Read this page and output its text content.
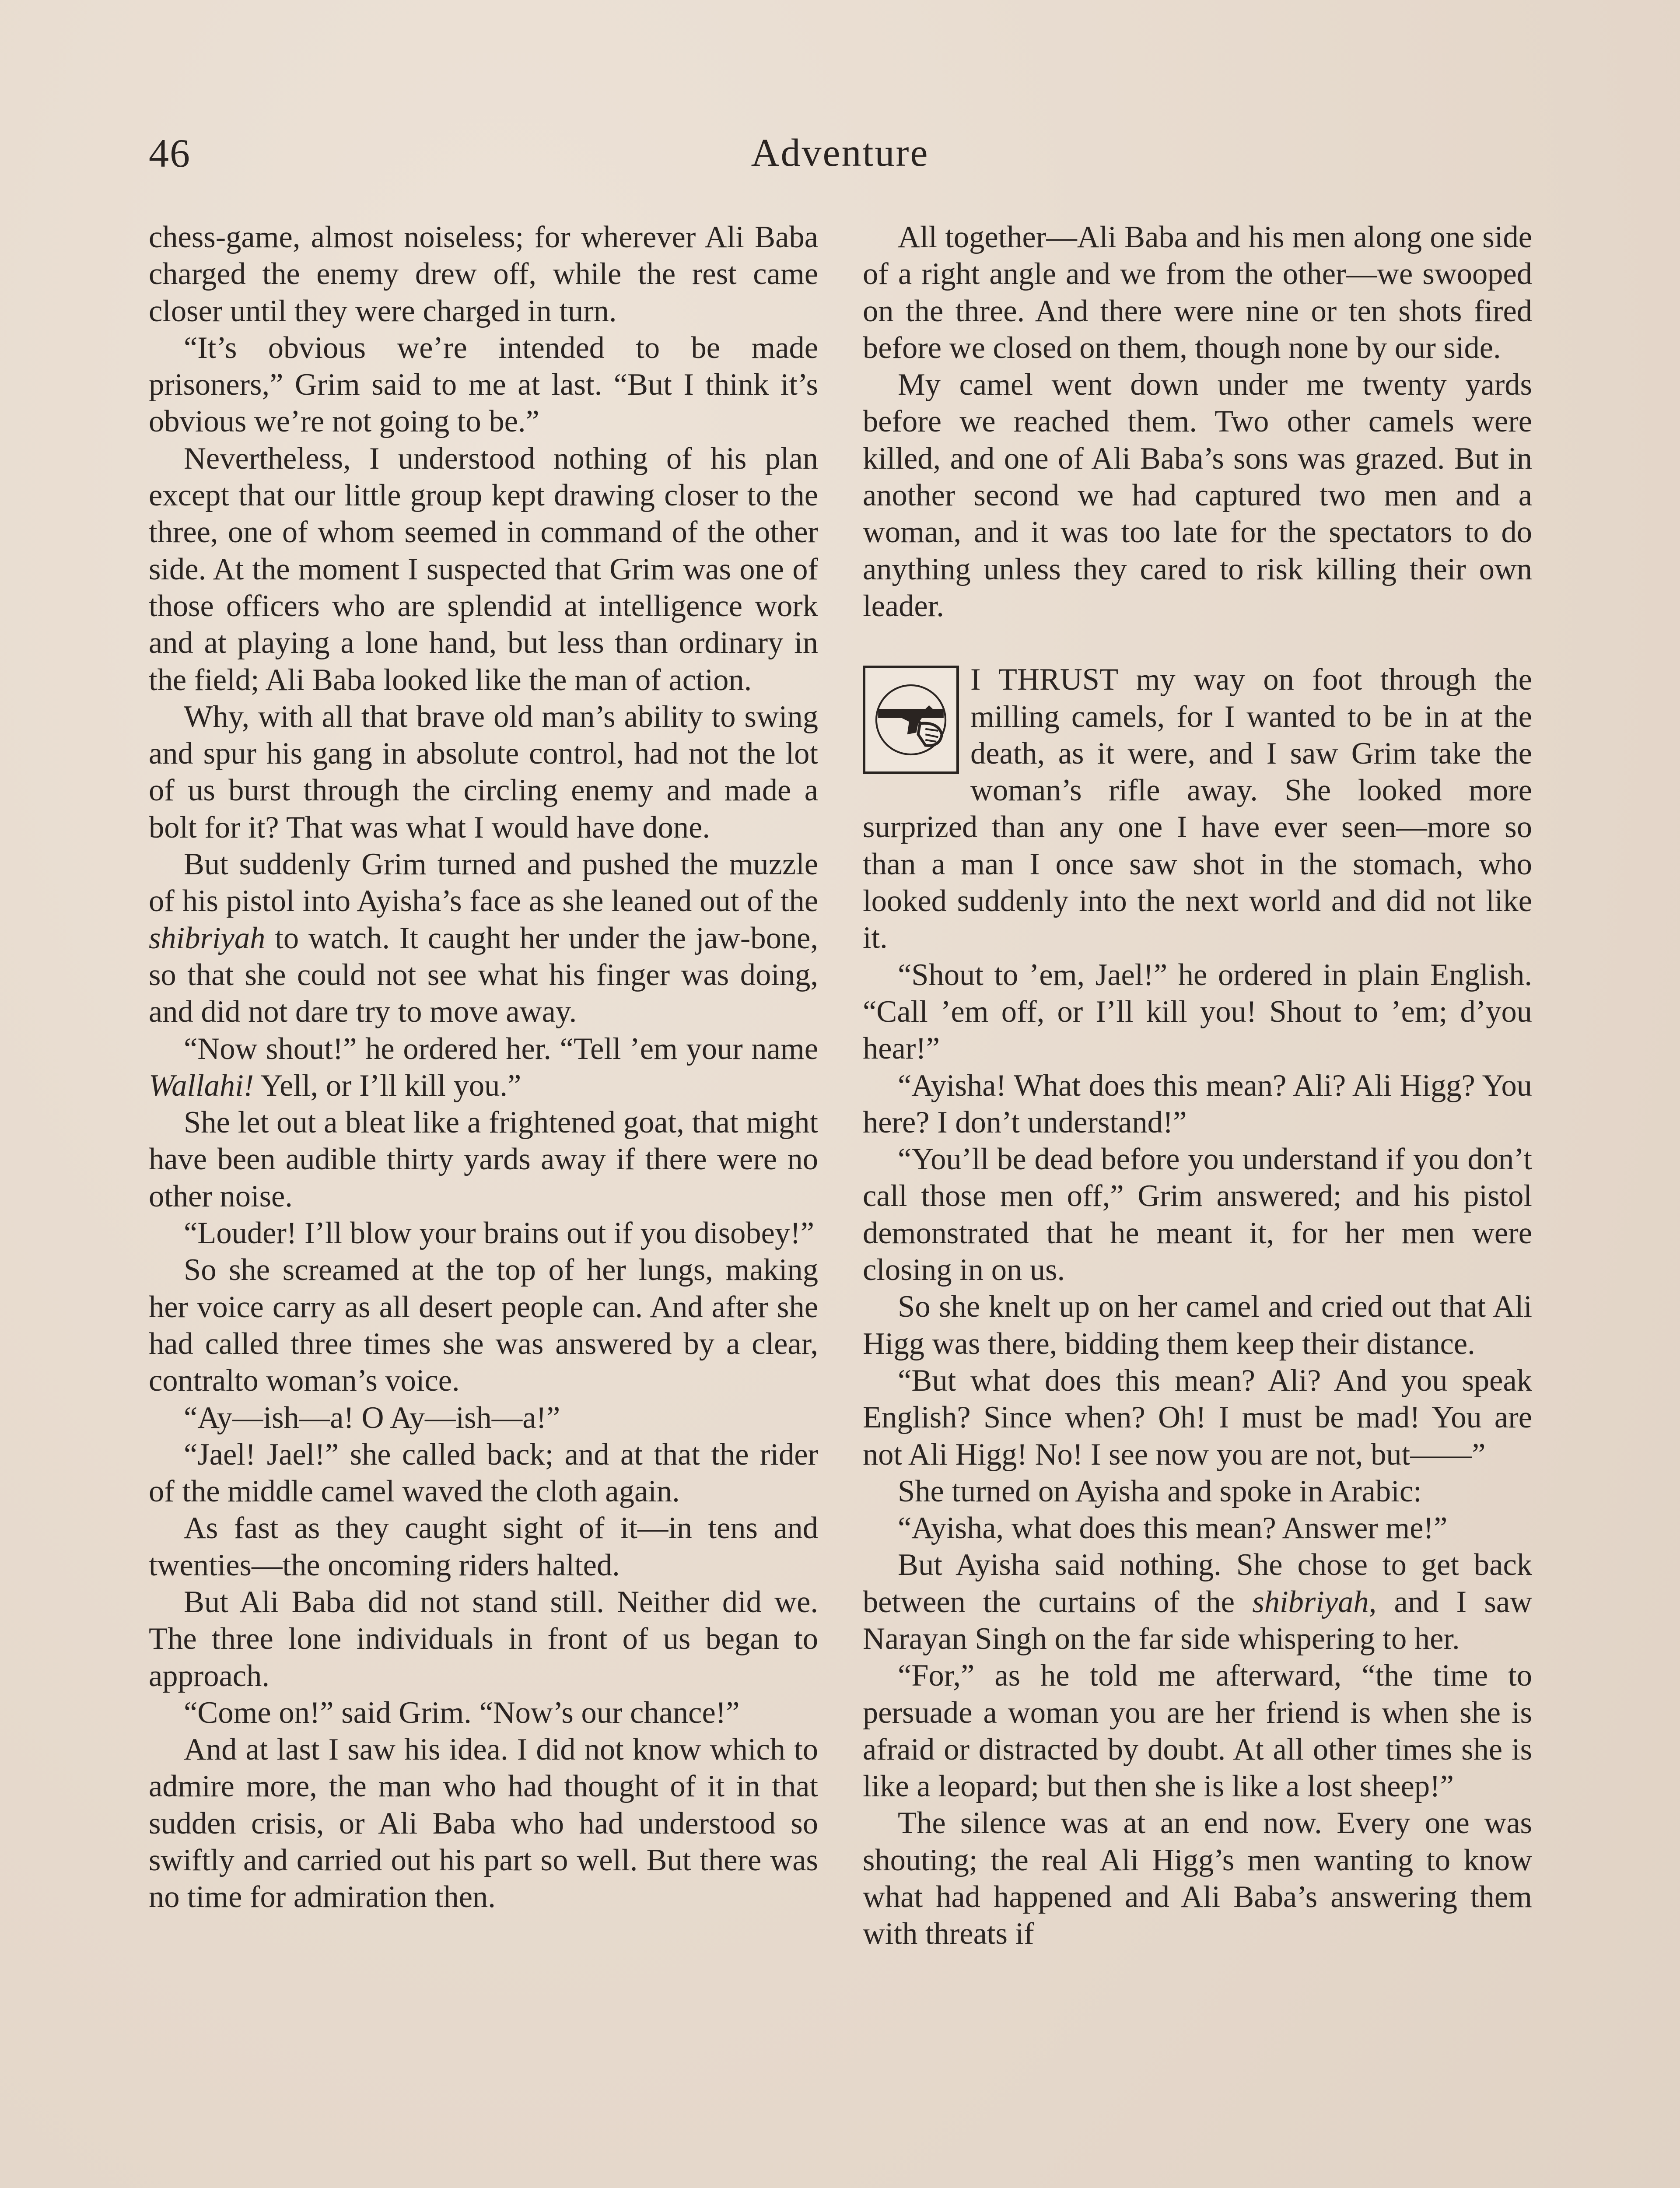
46	Adventure

chess-game, almost noiseless; for wherever Ali Baba charged the enemy drew off, while the rest came closer until they were charged in turn.

“It’s obvious we’re intended to be made prisoners,” Grim said to me at last. “But I think it’s obvious we’re not going to be.”

Nevertheless, I understood nothing of his plan except that our little group kept drawing closer to the three, one of whom seemed in command of the other side. At the moment I suspected that Grim was one of those officers who are splendid at intelligence work and at playing a lone hand, but less than ordinary in the field; Ali Baba looked like the man of action.

Why, with all that brave old man’s ability to swing and spur his gang in absolute control, had not the lot of us burst through the circling enemy and made a bolt for it? That was what I would have done.

But suddenly Grim turned and pushed the muzzle of his pistol into Ayisha’s face as she leaned out of the shibriyah to watch. It caught her under the jaw-bone, so that she could not see what his finger was doing, and did not dare try to move away.

“Now shout!” he ordered her. “Tell ’em your name Wallahi! Yell, or I’ll kill you.”

She let out a bleat like a frightened goat, that might have been audible thirty yards away if there were no other noise.

“Louder! I’ll blow your brains out if you disobey!”

So she screamed at the top of her lungs, making her voice carry as all desert people can. And after she had called three times she was answered by a clear, contralto woman’s voice.

“Ay—ish—a! O Ay—ish—a!”

“Jael! Jael!” she called back; and at that the rider of the middle camel waved the cloth again.

As fast as they caught sight of it—in tens and twenties—the oncoming riders halted.

But Ali Baba did not stand still. Neither did we. The three lone individuals in front of us began to approach.

“Come on!” said Grim. “Now’s our chance!”

And at last I saw his idea. I did not know which to admire more, the man who had thought of it in that sudden crisis, or Ali Baba who had understood so swiftly and carried out his part so well. But there was no time for admiration then.

All together—Ali Baba and his men along one side of a right angle and we from the other—we swooped on the three. And there were nine or ten shots fired before we closed on them, though none by our side.

My camel went down under me twenty yards before we reached them. Two other camels were killed, and one of Ali Baba’s sons was grazed. But in another second we had captured two men and a woman, and it was too late for the spectators to do anything unless they cared to risk killing their own leader.

I THRUST my way on foot through the milling camels, for I wanted to be in at the death, as it were, and I saw Grim take the woman’s rifle away. She looked more surprized than any one I have ever seen—more so than a man I once saw shot in the stomach, who looked suddenly into the next world and did not like it.

“Shout to ’em, Jael!” he ordered in plain English. “Call ’em off, or I’ll kill you! Shout to ’em; d’you hear!”

“Ayisha! What does this mean? Ali? Ali Higg? You here? I don’t understand!”

“You’ll be dead before you understand if you don’t call those men off,” Grim answered; and his pistol demonstrated that he meant it, for her men were closing in on us.

So she knelt up on her camel and cried out that Ali Higg was there, bidding them keep their distance.

“But what does this mean? Ali? And you speak English? Since when? Oh! I must be mad! You are not Ali Higg! No! I see now you are not, but——”

She turned on Ayisha and spoke in Arabic:

“Ayisha, what does this mean? Answer me!”

But Ayisha said nothing. She chose to get back between the curtains of the shibriyah, and I saw Narayan Singh on the far side whispering to her.

“For,” as he told me afterward, “the time to persuade a woman you are her friend is when she is afraid or distracted by doubt. At all other times she is like a leopard; but then she is like a lost sheep!”

The silence was at an end now. Every one was shouting; the real Ali Higg’s men wanting to know what had happened and Ali Baba’s answering them with threats if
